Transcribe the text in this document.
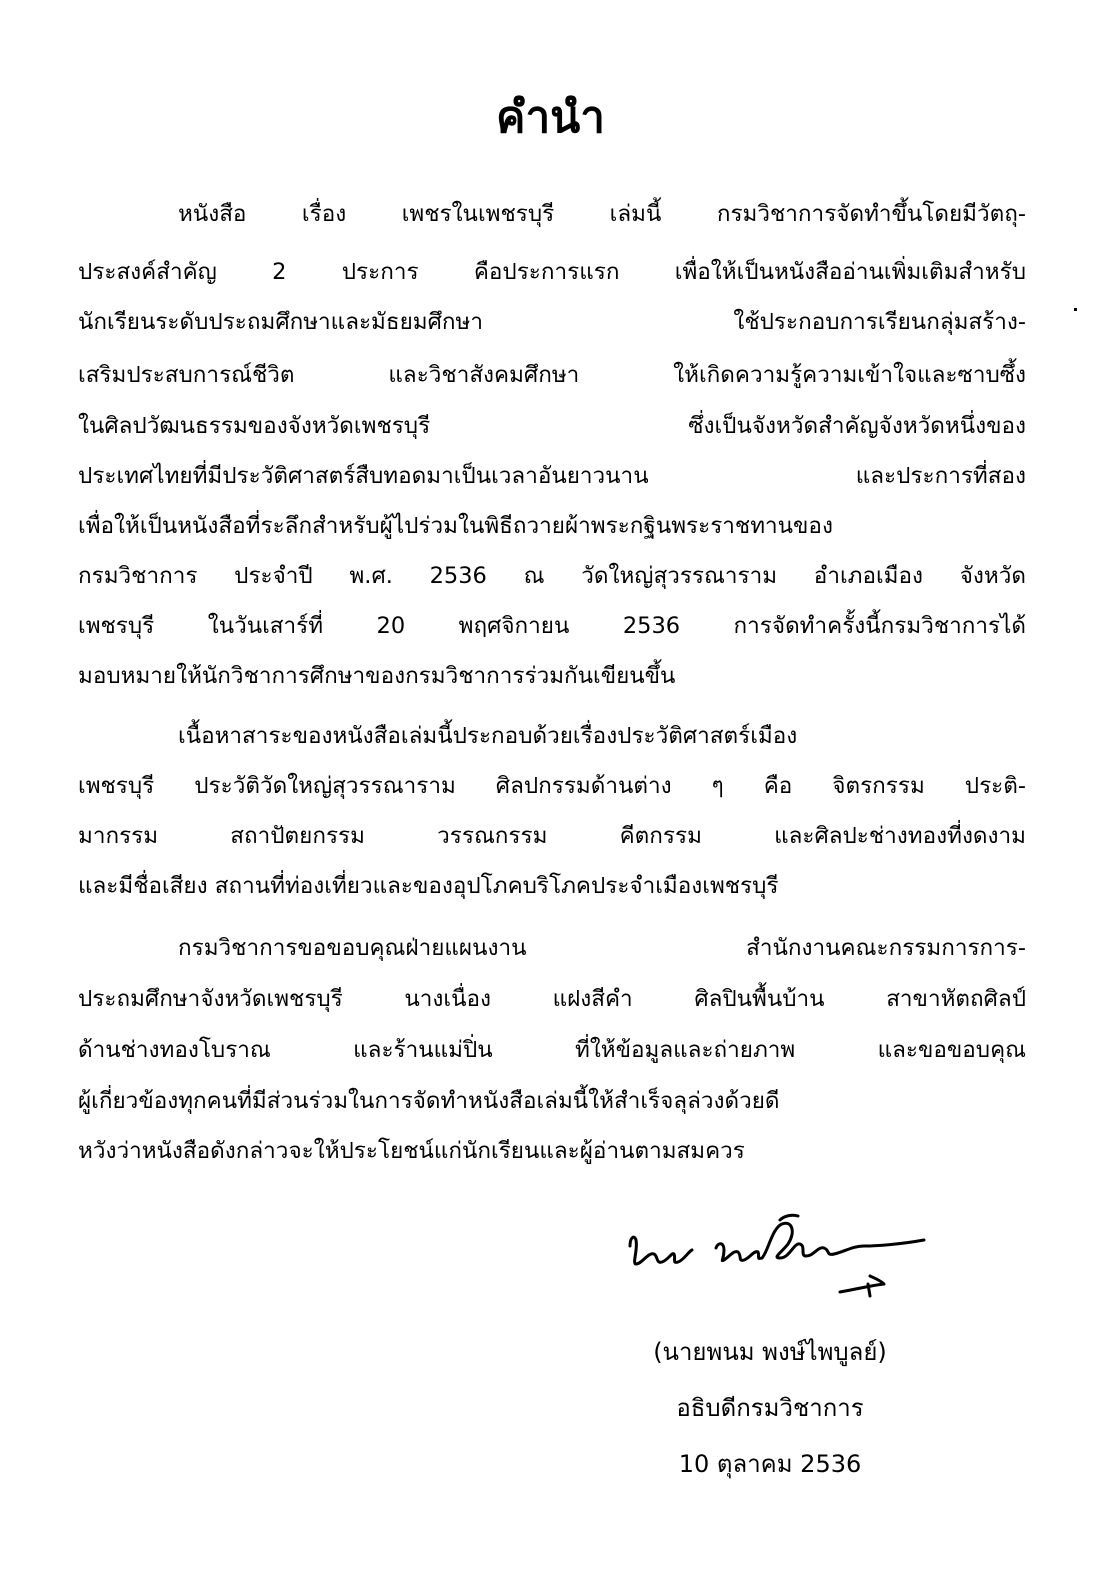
คำนำ
หนังสือ เรื่อง เพชรในเพชรบุรี เล่มนี้ กรมวิชาการจัดทำขึ้นโดยมีวัตถุ-
ประสงค์สำคัญ 2 ประการ คือประการแรก เพื่อให้เป็นหนังสืออ่านเพิ่มเติมสำหรับ
นักเรียนระดับประถมศึกษาและมัธยมศึกษา ใช้ประกอบการเรียนกลุ่มสร้าง-
เสริมประสบการณ์ชีวิต และวิชาสังคมศึกษา ให้เกิดความรู้ความเข้าใจและซาบซึ้ง
ในศิลปวัฒนธรรมของจังหวัดเพชรบุรี ซึ่งเป็นจังหวัดสำคัญจังหวัดหนึ่งของ
ประเทศไทยที่มีประวัติศาสตร์สืบทอดมาเป็นเวลาอันยาวนาน และประการที่สอง
เพื่อให้เป็นหนังสือที่ระลึกสำหรับผู้ไปร่วมในพิธีถวายผ้าพระกฐินพระราชทานของ
กรมวิชาการ ประจำปี พ.ศ. 2536 ณ วัดใหญ่สุวรรณาราม อำเภอเมือง จังหวัด
เพชรบุรี ในวันเสาร์ที่ 20 พฤศจิกายน 2536 การจัดทำครั้งนี้กรมวิชาการได้
มอบหมายให้นักวิชาการศึกษาของกรมวิชาการร่วมกันเขียนขึ้น
เนื้อหาสาระของหนังสือเล่มนี้ประกอบด้วยเรื่องประวัติศาสตร์เมือง
เพชรบุรี ประวัติวัดใหญ่สุวรรณาราม ศิลปกรรมด้านต่าง ๆ คือ จิตรกรรม ประติ-
มากรรม สถาปัตยกรรม วรรณกรรม คีตกรรม และศิลปะช่างทองที่งดงาม
และมีชื่อเสียง สถานที่ท่องเที่ยวและของอุปโภคบริโภคประจำเมืองเพชรบุรี
กรมวิชาการขอขอบคุณฝ่ายแผนงาน สำนักงานคณะกรรมการการ-
ประถมศึกษาจังหวัดเพชรบุรี นางเนื่อง แฝงสีคำ ศิลปินพื้นบ้าน สาขาหัตถศิลป์
ด้านช่างทองโบราณ และร้านแม่ปิ่น ที่ให้ข้อมูลและถ่ายภาพ และขอขอบคุณ
ผู้เกี่ยวข้องทุกคนที่มีส่วนร่วมในการจัดทำหนังสือเล่มนี้ให้สำเร็จลุล่วงด้วยดี
หวังว่าหนังสือดังกล่าวจะให้ประโยชน์แก่นักเรียนและผู้อ่านตามสมควร
(นายพนม พงษ์ไพบูลย์)
อธิบดีกรมวิชาการ
10 ตุลาคม 2536
